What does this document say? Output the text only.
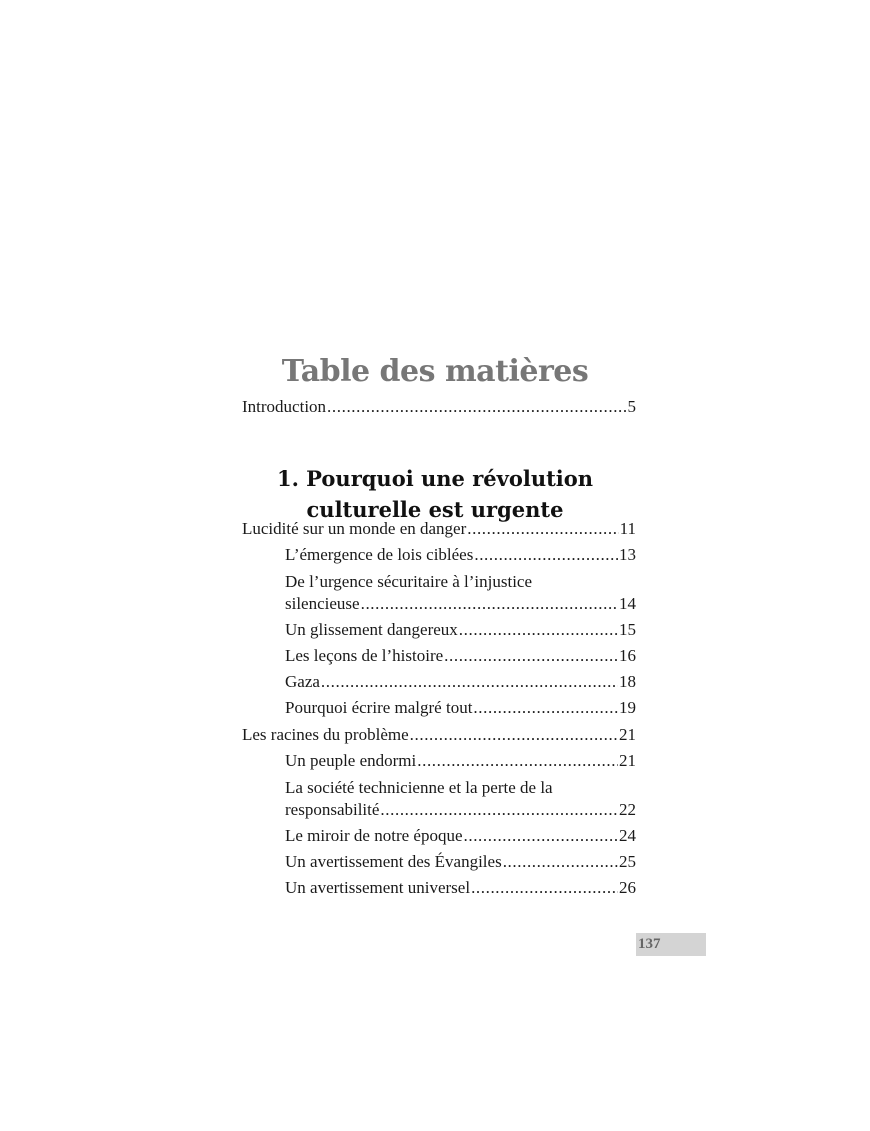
Table des matières
Introduction .....	5
Lucidité sur un monde en danger .....	11
L’émergence de lois ciblées .....	13
De l’urgence sécuritaire à l’injustice
silencieuse .....	14
Un glissement dangereux .....	15
Les leçons de l’histoire .....	16
Gaza .....	18
Pourquoi écrire malgré tout .....	19
Les racines du problème .....	21
Un peuple endormi .....	21
La société technicienne et la perte de la
responsabilité .....	22
Le miroir de notre époque .....	24
Un avertissement des Évangiles .....	25
Un avertissement universel .....	26
1. Pourquoi une révolution
culturelle est urgente
137
